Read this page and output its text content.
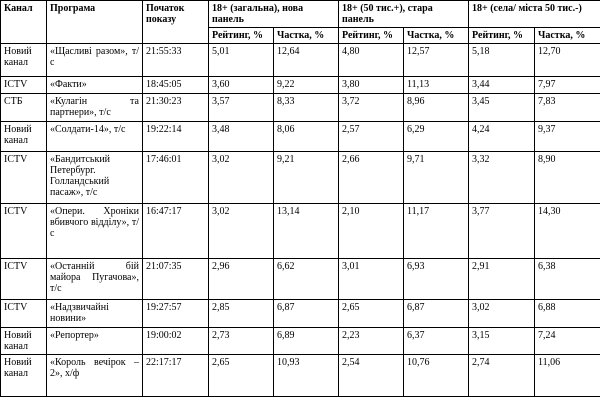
Канал	Програма	Початок показу	18+ (загальна), нова панель		18+ (50 тис.+), стара панель		18+ (села/ міста 50 тис.-)	
			Рейтинг, %	Частка, %	Рейтинг, %	Частка, %	Рейтинг, %	Частка, %
Новий канал	«Щасливі разом», т/с	21:55:33	5,01	12,64	4,80	12,57	5,18	12,70
ICTV	«Факти»	18:45:05	3,60	9,22	3,80	11,13	3,44	7,97
СТБ	«Кулагін та партнери», т/с	21:30:23	3,57	8,33	3,72	8,96	3,45	7,83
Новий канал	«Солдати-14», т/с	19:22:14	3,48	8,06	2,57	6,29	4,24	9,37
ICTV	«Бандитський Петербург. Голландський пасаж», т/с	17:46:01	3,02	9,21	2,66	9,71	3,32	8,90
ICTV	«Опери. Хроніки вбивчого відділу», т/с	16:47:17	3,02	13,14	2,10	11,17	3,77	14,30
ICTV	«Останній бій майора Пугачова», т/с	21:07:35	2,96	6,62	3,01	6,93	2,91	6,38
ICTV	«Надзвичайні новини»	19:27:57	2,85	6,87	2,65	6,87	3,02	6,88
Новий канал	«Репортер»	19:00:02	2,73	6,89	2,23	6,37	3,15	7,24
Новий канал	«Король вечірок – 2», х/ф	22:17:17	2,65	10,93	2,54	10,76	2,74	11,06
